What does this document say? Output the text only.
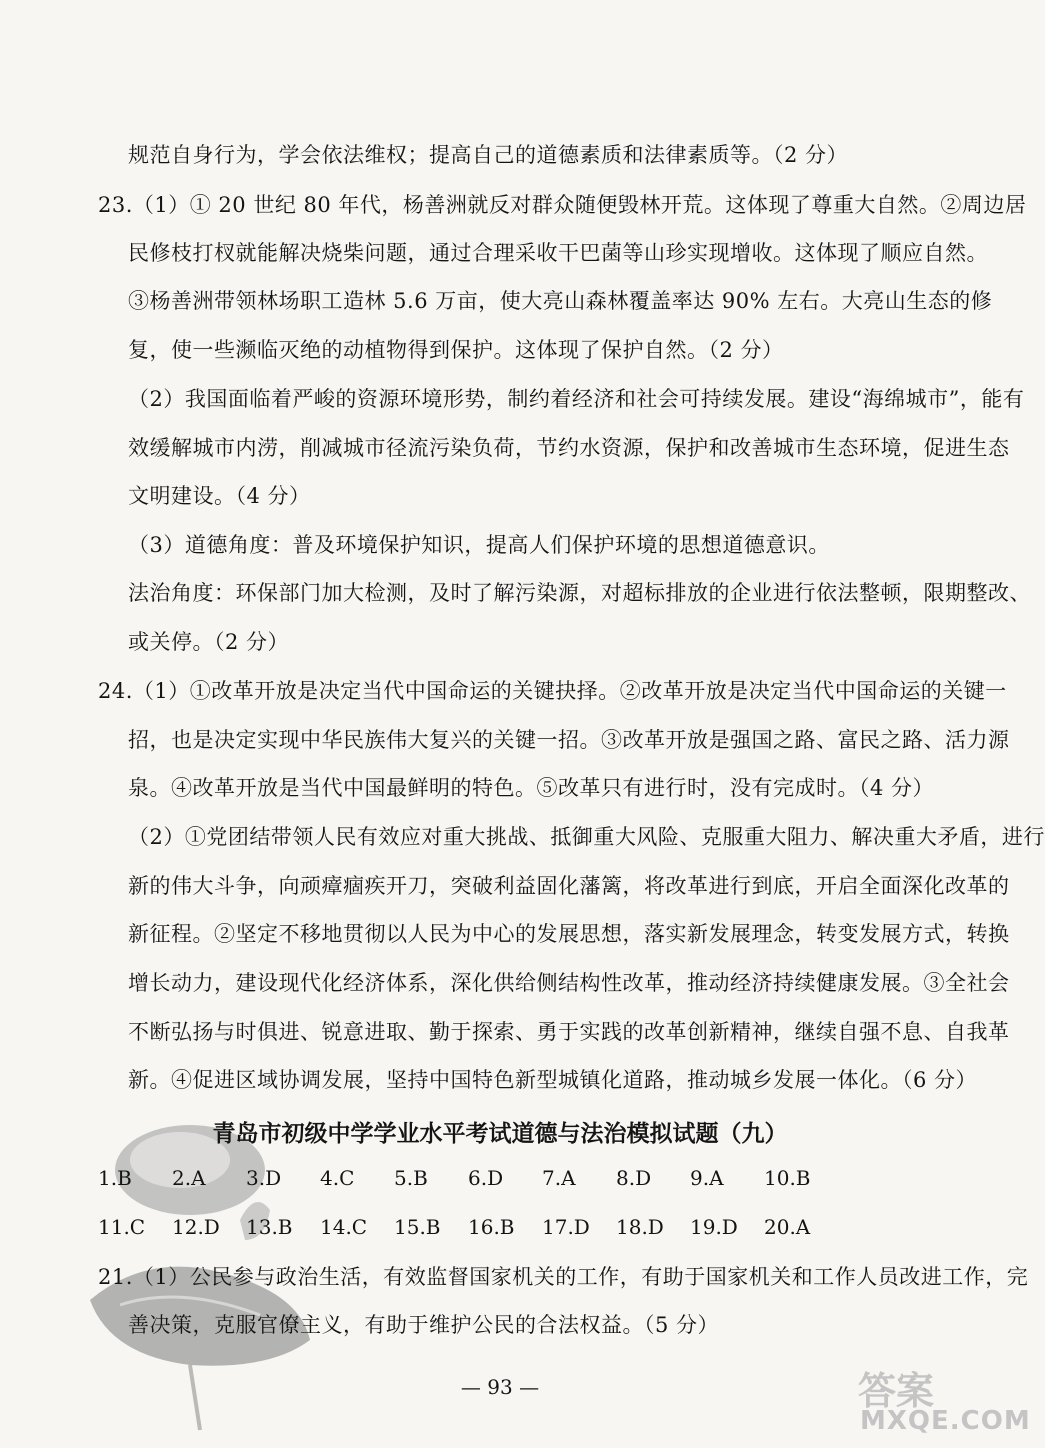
规范自身行为，学会依法维权；提高自己的道德素质和法律素质等。（2 分）
23.（1）① 20 世纪 80 年代，杨善洲就反对群众随便毁林开荒。这体现了尊重大自然。②周边居
民修枝打杈就能解决烧柴问题，通过合理采收干巴菌等山珍实现增收。这体现了顺应自然。
③杨善洲带领林场职工造林 5.6 万亩，使大亮山森林覆盖率达 90% 左右。大亮山生态的修
复，使一些濒临灭绝的动植物得到保护。这体现了保护自然。（2 分）
（2）我国面临着严峻的资源环境形势，制约着经济和社会可持续发展。建设“海绵城市”，能有
效缓解城市内涝，削减城市径流污染负荷，节约水资源，保护和改善城市生态环境，促进生态
文明建设。（4 分）
（3）道德角度：普及环境保护知识，提高人们保护环境的思想道德意识。
法治角度：环保部门加大检测，及时了解污染源，对超标排放的企业进行依法整顿，限期整改、
或关停。（2 分）
24.（1）①改革开放是决定当代中国命运的关键抉择。②改革开放是决定当代中国命运的关键一
招，也是决定实现中华民族伟大复兴的关键一招。③改革开放是强国之路、富民之路、活力源
泉。④改革开放是当代中国最鲜明的特色。⑤改革只有进行时，没有完成时。（4 分）
（2）①党团结带领人民有效应对重大挑战、抵御重大风险、克服重大阻力、解决重大矛盾，进行
新的伟大斗争，向顽瘴痼疾开刀，突破利益固化藩篱，将改革进行到底，开启全面深化改革的
新征程。②坚定不移地贯彻以人民为中心的发展思想，落实新发展理念，转变发展方式，转换
增长动力，建设现代化经济体系，深化供给侧结构性改革，推动经济持续健康发展。③全社会
不断弘扬与时俱进、锐意进取、勤于探索、勇于实践的改革创新精神，继续自强不息、自我革
新。④促进区域协调发展，坚持中国特色新型城镇化道路，推动城乡发展一体化。（6 分）
青岛市初级中学学业水平考试道德与法治模拟试题（九）
1.B	2.A	3.D	4.C	5.B	6.D	7.A	8.D	9.A	10.B
11.C	12.D	13.B	14.C	15.B	16.B	17.D	18.D	19.D	20.A
21.（1）公民参与政治生活，有效监督国家机关的工作，有助于国家机关和工作人员改进工作，完
善决策，克服官僚主义，有助于维护公民的合法权益。（5 分）
— 93 —	答案
MXQE.COM
